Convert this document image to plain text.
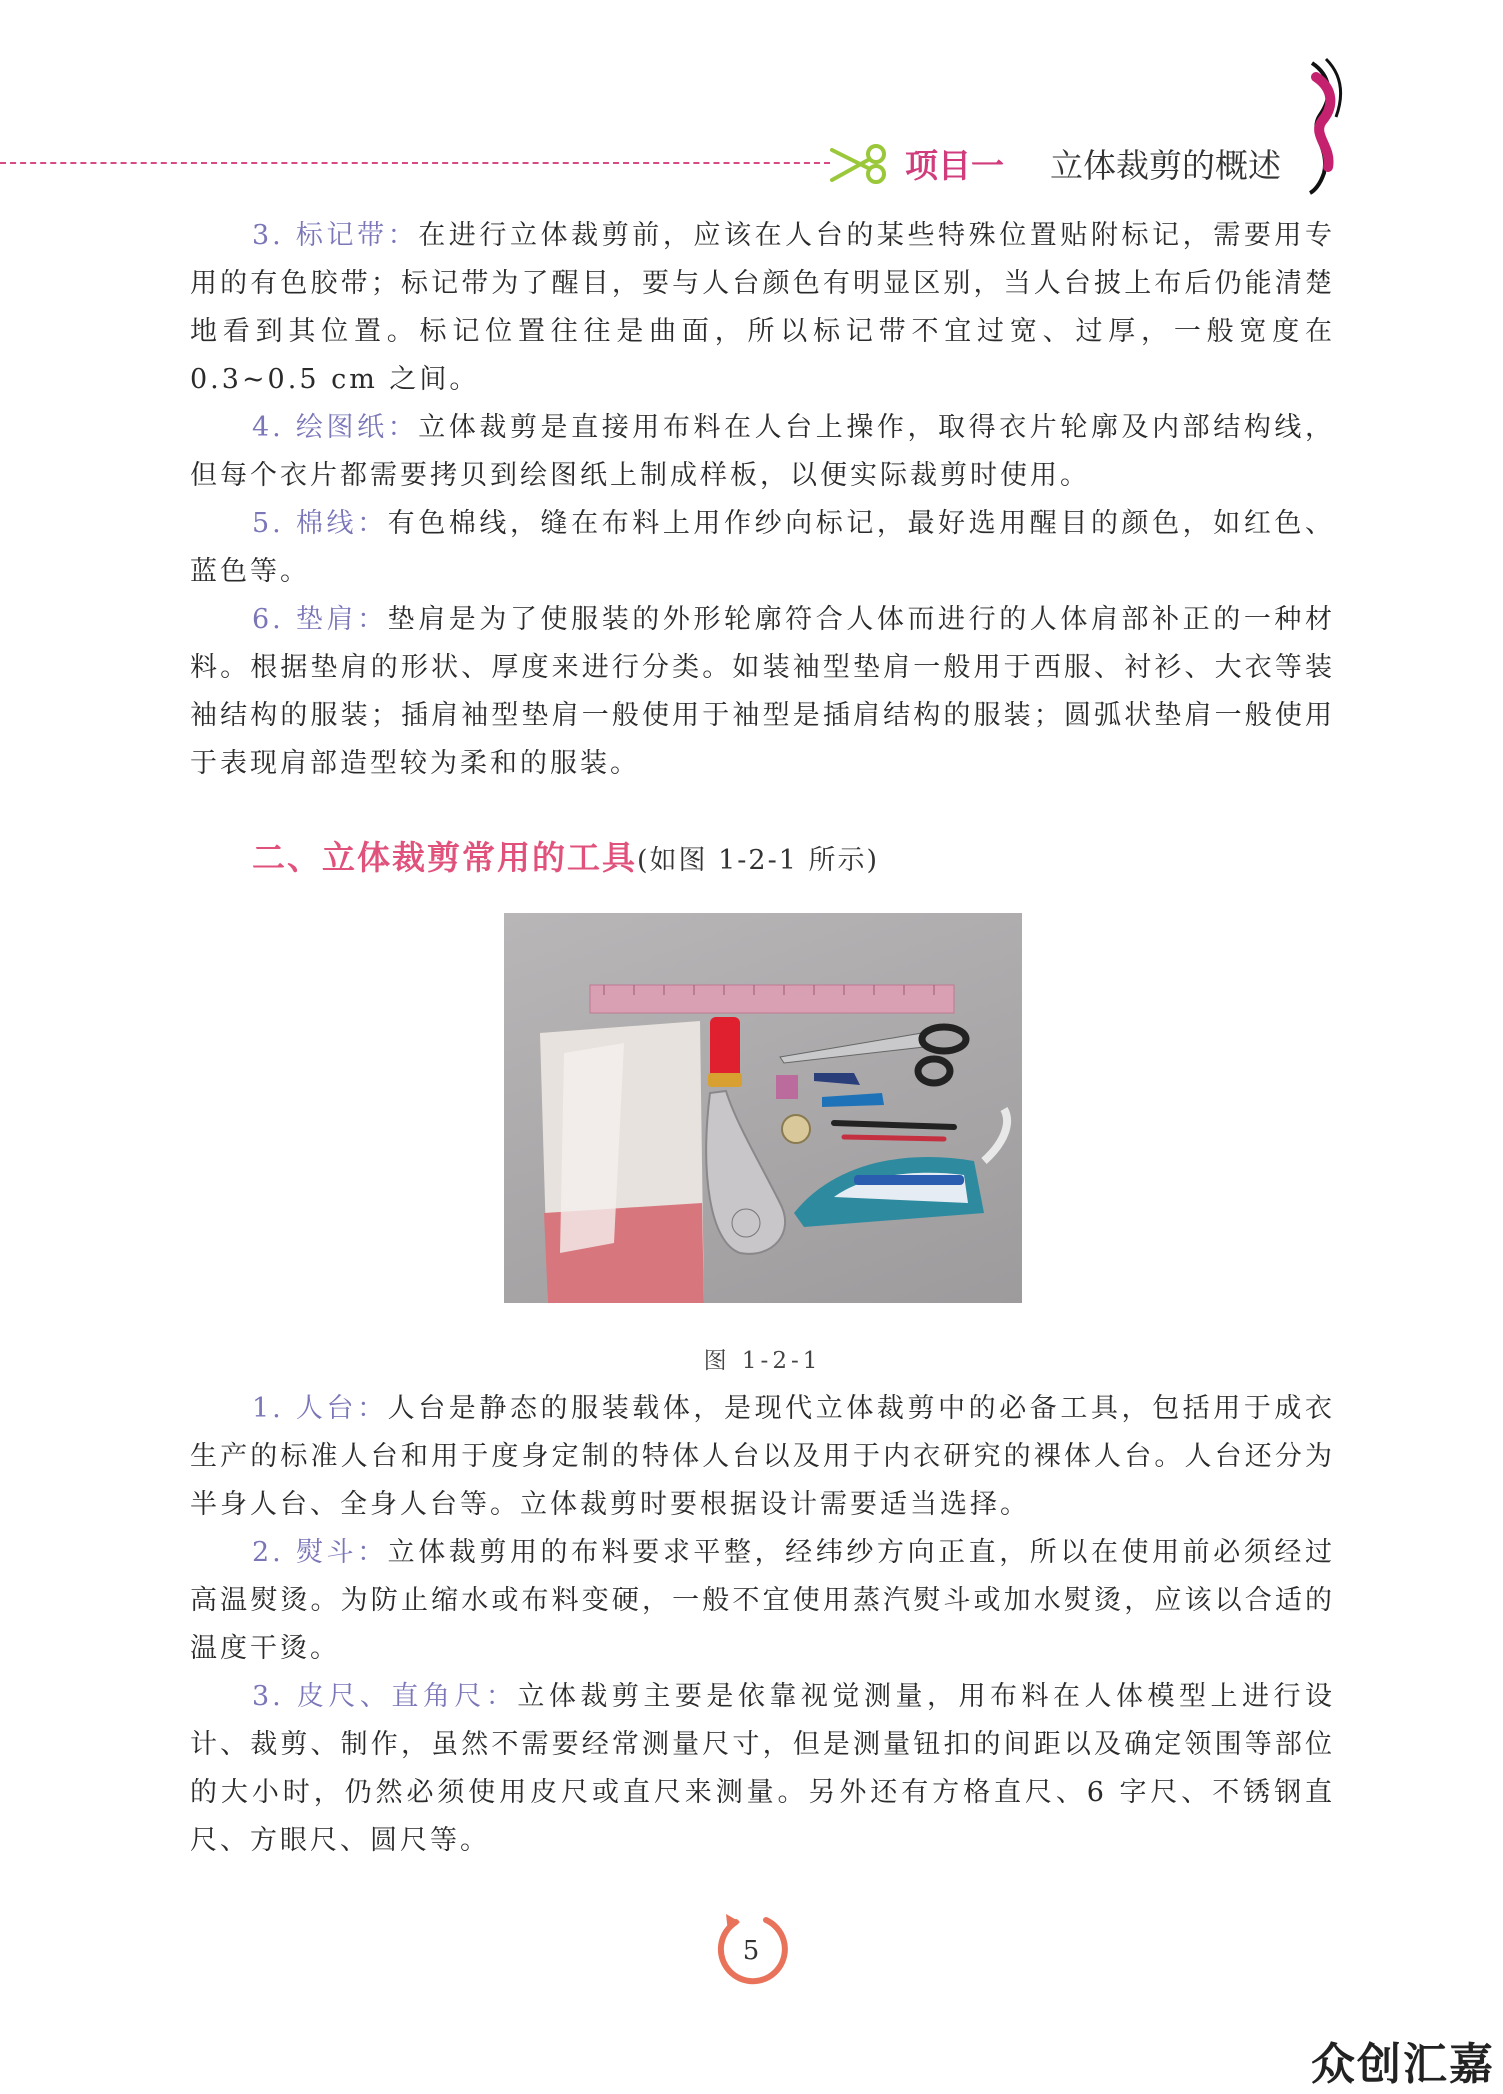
项目一 立体裁剪的概述

3. 标记带：在进行立体裁剪前，应该在人台的某些特殊位置贴附标记，需要用专用的有色胶带；标记带为了醒目，要与人台颜色有明显区别，当人台披上布后仍能清楚地看到其位置。标记位置往往是曲面，所以标记带不宜过宽、过厚，一般宽度在0.3~0.5 cm 之间。

4. 绘图纸：立体裁剪是直接用布料在人台上操作，取得衣片轮廓及内部结构线，但每个衣片都需要拷贝到绘图纸上制成样板，以便实际裁剪时使用。

5. 棉线：有色棉线，缝在布料上用作纱向标记，最好选用醒目的颜色，如红色、蓝色等。

6. 垫肩：垫肩是为了使服装的外形轮廓符合人体而进行的人体肩部补正的一种材料。根据垫肩的形状、厚度来进行分类。如装袖型垫肩一般用于西服、衬衫、大衣等装袖结构的服装；插肩袖型垫肩一般使用于袖型是插肩结构的服装；圆弧状垫肩一般使用于表现肩部造型较为柔和的服装。

二、立体裁剪常用的工具(如图 1-2-1 所示)
图 1-2-1

1. 人台：人台是静态的服装载体，是现代立体裁剪中的必备工具，包括用于成衣生产的标准人台和用于度身定制的特体人台以及用于内衣研究的裸体人台。人台还分为半身人台、全身人台等。立体裁剪时要根据设计需要适当选择。

2. 熨斗：立体裁剪用的布料要求平整，经纬纱方向正直，所以在使用前必须经过高温熨烫。为防止缩水或布料变硬，一般不宜使用蒸汽熨斗或加水熨烫，应该以合适的温度干烫。

3. 皮尺、直角尺：立体裁剪主要是依靠视觉测量，用布料在人体模型上进行设计、裁剪、制作，虽然不需要经常测量尺寸，但是测量钮扣的间距以及确定领围等部位的大小时，仍然必须使用皮尺或直尺来测量。另外还有方格直尺、6 字尺、不锈钢直尺、方眼尺、圆尺等。

5
众创汇嘉
